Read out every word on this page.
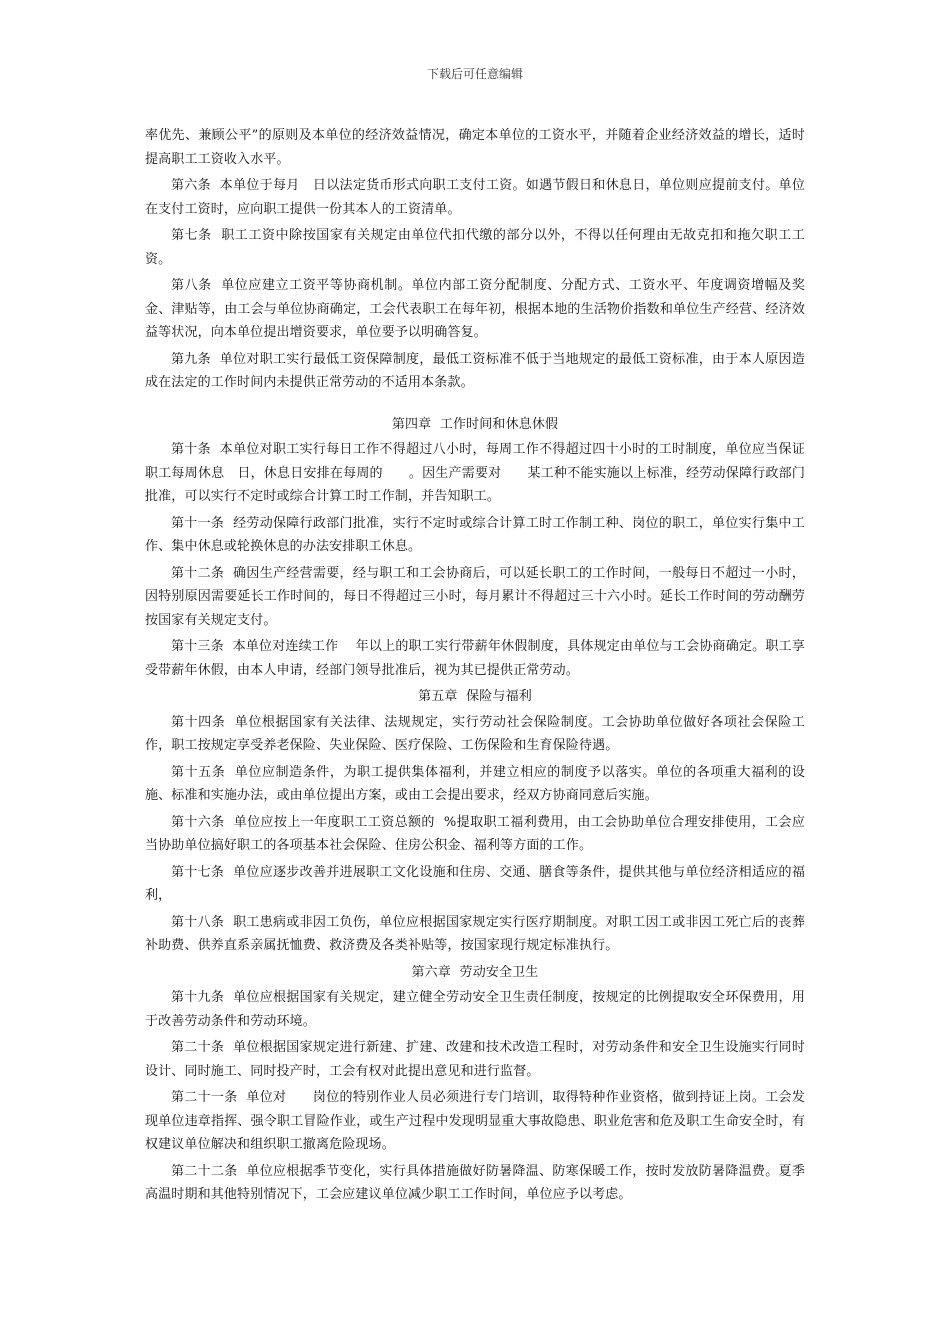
下载后可任意编辑

率优先、兼顾公平”的原则及本单位的经济效益情况，确定本单位的工资水平，并随着企业经济效益的增长，适时提高职工工资收入水平。

第六条  本单位于每月   日以法定货币形式向职工支付工资。如遇节假日和休息日，单位则应提前支付。单位在支付工资时，应向职工提供一份其本人的工资清单。

第七条  职工工资中除按国家有关规定由单位代扣代缴的部分以外，不得以任何理由无故克扣和拖欠职工工资。

第八条  单位应建立工资平等协商机制。单位内部工资分配制度、分配方式、工资水平、年度调资增幅及奖金、津贴等，由工会与单位协商确定，工会代表职工在每年初，根据本地的生活物价指数和单位生产经营、经济效益等状况，向本单位提出增资要求，单位要予以明确答复。

第九条  单位对职工实行最低工资保障制度，最低工资标准不低于当地规定的最低工资标准，由于本人原因造成在法定的工作时间内未提供正常劳动的不适用本条款。

第四章  工作时间和休息休假

第十条  本单位对职工实行每日工作不得超过八小时，每周工作不得超过四十小时的工时制度，单位应当保证职工每周休息   日，休息日安排在每周的      。因生产需要对      某工种不能实施以上标准，经劳动保障行政部门批准，可以实行不定时或综合计算工时工作制，并告知职工。

第十一条  经劳动保障行政部门批准，实行不定时或综合计算工时工作制工种、岗位的职工，单位实行集中工作、集中休息或轮换休息的办法安排职工休息。

第十二条  确因生产经营需要，经与职工和工会协商后，可以延长职工的工作时间，一般每日不超过一小时，因特别原因需要延长工作时间的，每日不得超过三小时，每月累计不得超过三十六小时。延长工作时间的劳动酬劳按国家有关规定支付。

第十三条  本单位对连续工作    年以上的职工实行带薪年休假制度，具体规定由单位与工会协商确定。职工享受带薪年休假，由本人申请，经部门领导批准后，视为其已提供正常劳动。

第五章  保险与福利

第十四条  单位根据国家有关法律、法规规定，实行劳动社会保险制度。工会协助单位做好各项社会保险工作，职工按规定享受养老保险、失业保险、医疗保险、工伤保险和生育保险待遇。

第十五条  单位应制造条件，为职工提供集体福利，并建立相应的制度予以落实。单位的各项重大福利的设施、标准和实施办法，或由单位提出方案，或由工会提出要求，经双方协商同意后实施。

第十六条  单位应按上一年度职工工资总额的  %提取职工福利费用，由工会协助单位合理安排使用，工会应当协助单位搞好职工的各项基本社会保险、住房公积金、福利等方面的工作。

第十七条  单位应逐步改善并进展职工文化设施和住房、交通、膳食等条件，提供其他与单位经济相适应的福利，

第十八条  职工患病或非因工负伤，单位应根据国家规定实行医疗期制度。对职工因工或非因工死亡后的丧葬补助费、供养直系亲属抚恤费、救济费及各类补贴等，按国家现行规定标准执行。

第六章  劳动安全卫生

第十九条  单位应根据国家有关规定，建立健全劳动安全卫生责任制度，按规定的比例提取安全环保费用，用于改善劳动条件和劳动环境。

第二十条  单位根据国家规定进行新建、扩建、改建和技术改造工程时，对劳动条件和安全卫生设施实行同时设计、同时施工、同时投产时，工会有权对此提出意见和进行监督。

第二十一条  单位对      岗位的特别作业人员必须进行专门培训，取得特种作业资格，做到持证上岗。工会发现单位违章指挥、强令职工冒险作业，或生产过程中发现明显重大事故隐患、职业危害和危及职工生命安全时，有权建议单位解决和组织职工撤离危险现场。

第二十二条  单位应根据季节变化，实行具体措施做好防暑降温、防寒保暖工作，按时发放防暑降温费。夏季高温时期和其他特别情况下，工会应建议单位减少职工工作时间，单位应予以考虑。
